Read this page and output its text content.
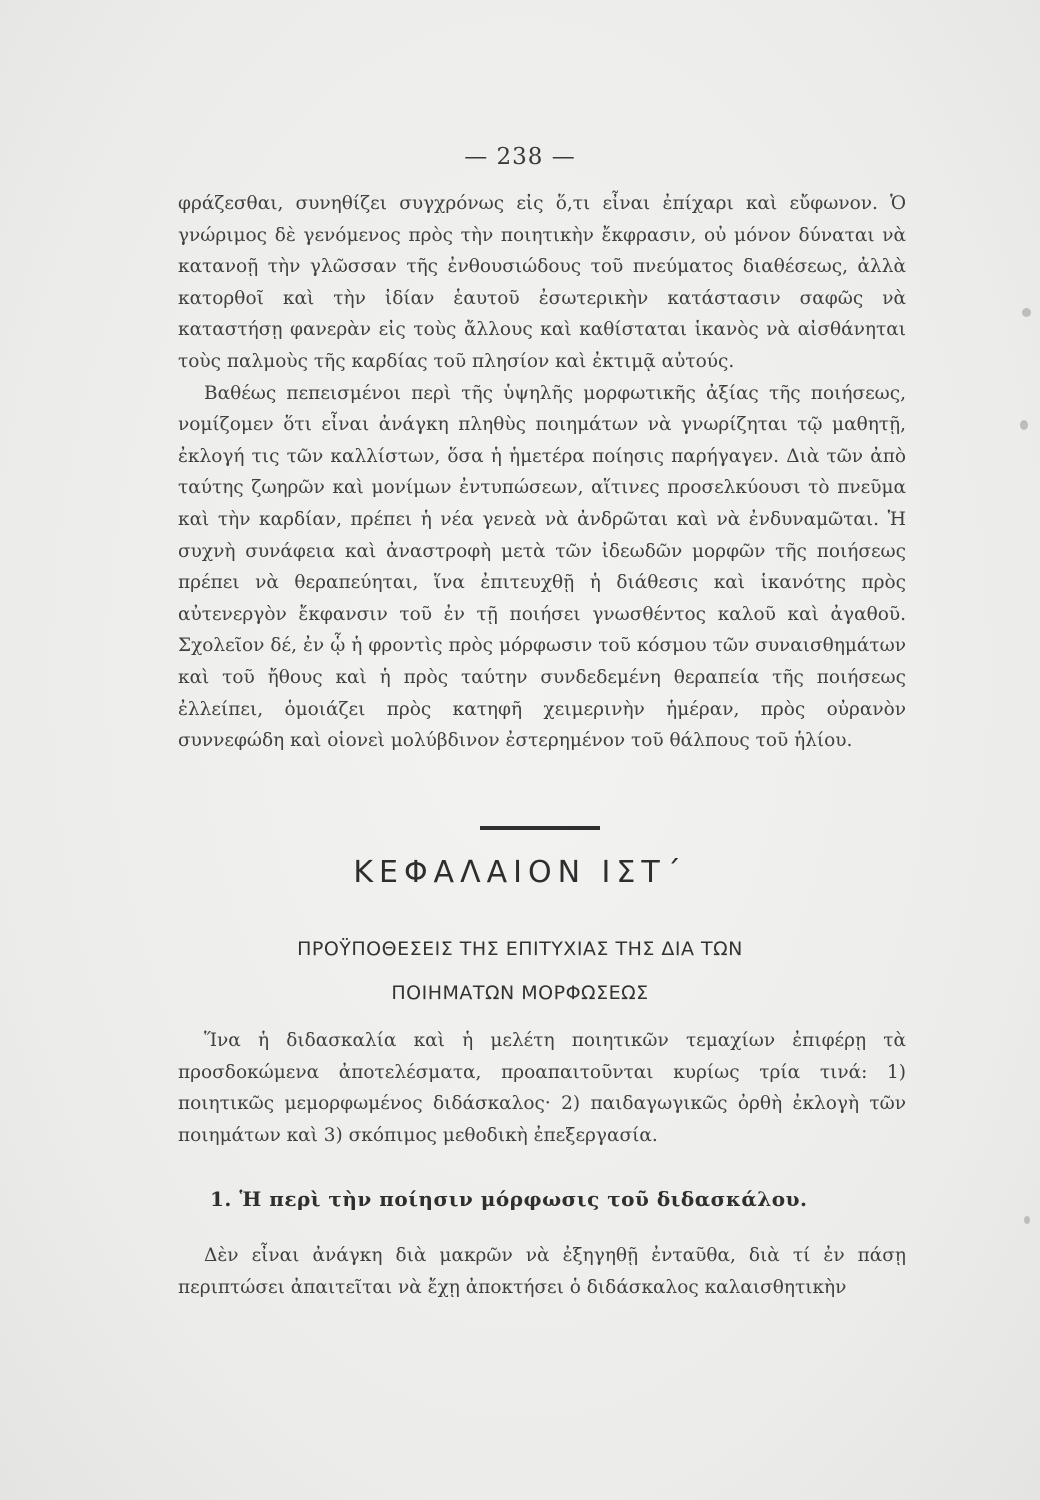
— 238 —

φράζεσθαι, συνηθίζει συγχρόνως εἰς ὅ,τι εἶναι ἐπίχαρι καὶ εὔφωνον. Ὁ γνώριμος δὲ γενόμενος πρὸς τὴν ποιητικὴν ἔκφρασιν, οὐ μόνον δύναται νὰ κατανοῇ τὴν γλῶσσαν τῆς ἐνθουσιώδους τοῦ πνεύματος διαθέσεως, ἀλλὰ κατορθοῖ καὶ τὴν ἰδίαν ἑαυτοῦ ἐσωτερικὴν κατάστασιν σαφῶς νὰ καταστήσῃ φανερὰν εἰς τοὺς ἄλλους καὶ καθίσταται ἱκανὸς νὰ αἰσθάνηται τοὺς παλμοὺς τῆς καρδίας τοῦ πλησίον καὶ ἐκτιμᾷ αὐτούς.

Βαθέως πεπεισμένοι περὶ τῆς ὑψηλῆς μορφωτικῆς ἀξίας τῆς ποιήσεως, νομίζομεν ὅτι εἶναι ἀνάγκη πληθὺς ποιημάτων νὰ γνωρίζηται τῷ μαθητῇ, ἐκλογή τις τῶν καλλίστων, ὅσα ἡ ἡμετέρα ποίησις παρήγαγεν. Διὰ τῶν ἀπὸ ταύτης ζωηρῶν καὶ μονίμων ἐντυπώσεων, αἵτινες προσελκύουσι τὸ πνεῦμα καὶ τὴν καρδίαν, πρέπει ἡ νέα γενεὰ νὰ ἀνδρῶται καὶ νὰ ἐνδυναμῶται. Ἡ συχνὴ συνάφεια καὶ ἀναστροφὴ μετὰ τῶν ἰδεωδῶν μορφῶν τῆς ποιήσεως πρέπει νὰ θεραπεύηται, ἵνα ἐπιτευχθῇ ἡ διάθεσις καὶ ἱκανότης πρὸς αὐτενεργὸν ἔκφανσιν τοῦ ἐν τῇ ποιήσει γνωσθέντος καλοῦ καὶ ἀγαθοῦ. Σχολεῖον δέ, ἐν ᾧ ἡ φροντὶς πρὸς μόρφωσιν τοῦ κόσμου τῶν συναισθημάτων καὶ τοῦ ἤθους καὶ ἡ πρὸς ταύτην συνδεδεμένη θεραπεία τῆς ποιήσεως ἐλλείπει, ὁμοιάζει πρὸς κατηφῆ χειμερινὴν ἡμέραν, πρὸς οὐρανὸν συννεφώδη καὶ οἱονεὶ μολύβδινον ἐστερημένον τοῦ θάλπους τοῦ ἡλίου.

ΚΕΦΑΛΑΙΟΝ ΙΣΤ΄
ΠΡΟΫΠΟΘΕΣΕΙΣ ΤΗΣ ΕΠΙΤΥΧΙΑΣ ΤΗΣ ΔΙΑ ΤΩΝ
ΠΟΙΗΜΑΤΩΝ ΜΟΡΦΩΣΕΩΣ

Ἵνα ἡ διδασκαλία καὶ ἡ μελέτη ποιητικῶν τεμαχίων ἐπιφέρῃ τὰ προσδοκώμενα ἀποτελέσματα, προαπαιτοῦνται κυρίως τρία τινά: 1) ποιητικῶς μεμορφωμένος διδάσκαλος· 2) παιδαγωγικῶς ὀρθὴ ἐκλογὴ τῶν ποιημάτων καὶ 3) σκόπιμος μεθοδικὴ ἐπεξεργασία.

1. Ἡ περὶ τὴν ποίησιν μόρφωσις τοῦ διδασκάλου.

Δὲν εἶναι ἀνάγκη διὰ μακρῶν νὰ ἐξηγηθῇ ἐνταῦθα, διὰ τί ἐν πάσῃ περιπτώσει ἀπαιτεῖται νὰ ἔχῃ ἀποκτήσει ὁ διδάσκαλος καλαισθητικὴν
